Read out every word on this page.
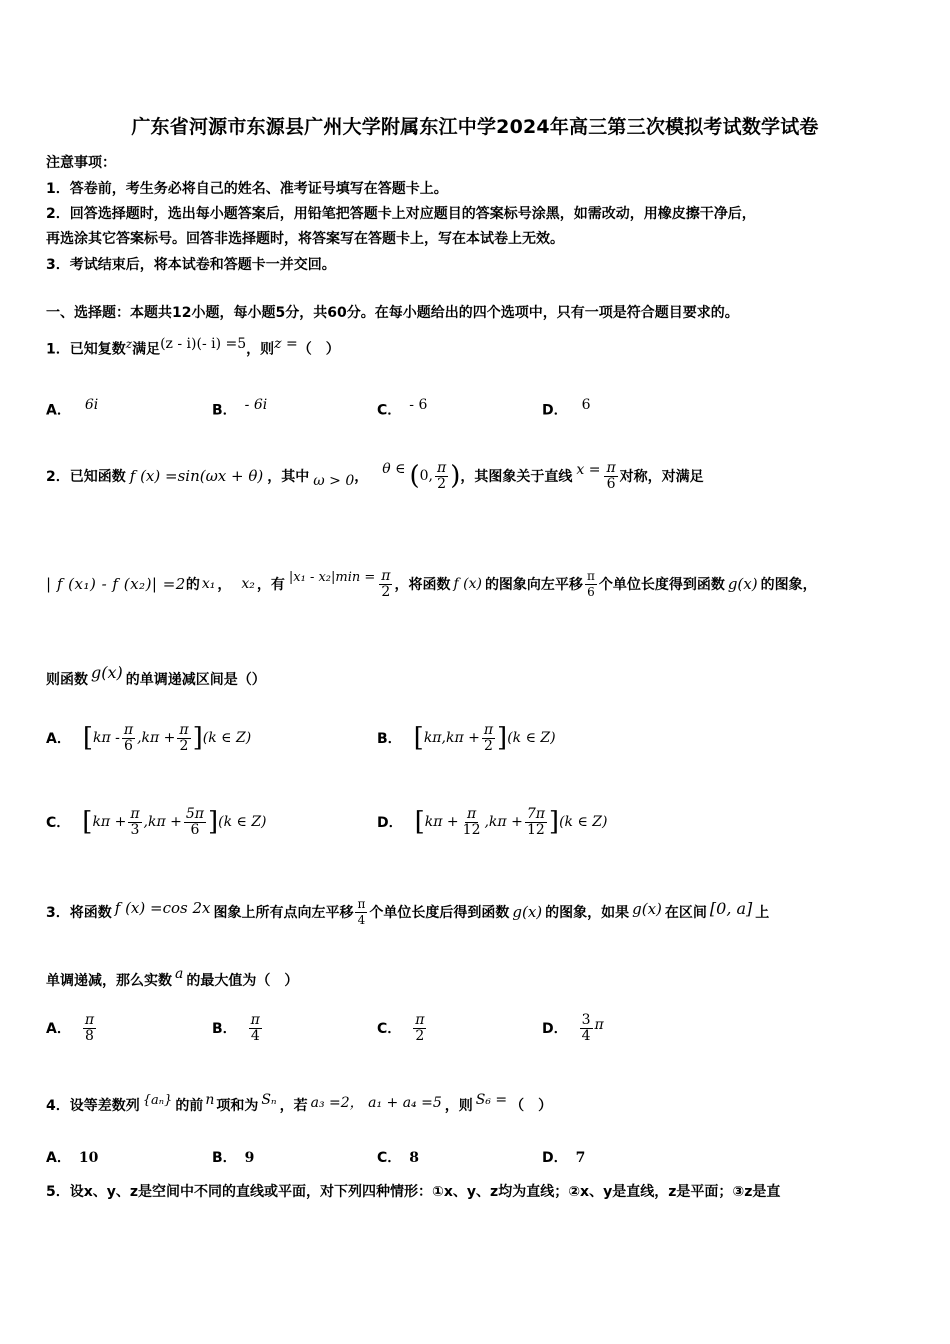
广东省河源市东源县广州大学附属东江中学2024年高三第三次模拟考试数学试卷
注意事项：
1．答卷前，考生务必将自己的姓名、准考证号填写在答题卡上。
2．回答选择题时，选出每小题答案后，用铅笔把答题卡上对应题目的答案标号涂黑，如需改动，用橡皮擦干净后，
再选涂其它答案标号。回答非选择题时，将答案写在答题卡上，写在本试卷上无效。
3．考试结束后，将本试卷和答题卡一并交回。
一、选择题：本题共12小题，每小题5分，共60分。在每小题给出的四个选项中，只有一项是符合题目要求的。
1．已知复数$^z$满足$^{(z - i)(- i) =5}$，则$^{z =}$（　）
A． $^{6i}$	B． $^{- 6i}$	C． $^{- 6}$	D． $^6$
2．已知函数 f (x) =sin(ωx + θ) ，其中 ω > 0 ， θ ∈ ( 0, $\frac{\pi}{2}$ ) ，其图象关于直线 $x = \frac{\pi}{6}$ 对称，对满足
| f (x₁) - f (x₂)| =2 的 x₁ ， x₂ ，有 $|x_1 - x_2|\min = \frac{\pi}{2}$ ，将函数 f (x) 的图象向左平移 $\frac{\pi}{6}$ 个单位长度得到函数 g(x) 的图象，
则函数 g(x) 的单调递减区间是（）
A． [ $k\pi - \frac{\pi}{6} ,k\pi + \frac{\pi}{2}$ ] (k ∈ Z)	B． [ $k\pi,k\pi + \frac{\pi}{2}$ ] (k ∈ Z)
C． [ $k\pi + \frac{\pi}{3} ,k\pi + \frac{5\pi}{6}$ ] (k ∈ Z)	D． [ $k\pi + \frac{\pi}{12} ,k\pi + \frac{7\pi}{12}$ ] (k ∈ Z)
3．将函数 f (x) =cos 2x 图象上所有点向左平移 $\frac{\pi}{4}$ 个单位长度后得到函数 g(x) 的图象，如果 g(x) 在区间 [0, a] 上
单调递减，那么实数 a 的最大值为（　）
A． $\frac{\pi}{8}$	B． $\frac{\pi}{4}$	C． $\frac{\pi}{2}$	D． $\frac{3}{4}$ π
4．设等差数列 {aₙ} 的前 n 项和为 Sₙ ，若 a₃ =2， a₁ + a₄ =5 ，则 S₆ = （　）
A． 10	B． 9	C． 8	D． 7
5．设x、y、z是空间中不同的直线或平面，对下列四种情形：①x、y、z均为直线；②x、y是直线，z是平面；③z是直
